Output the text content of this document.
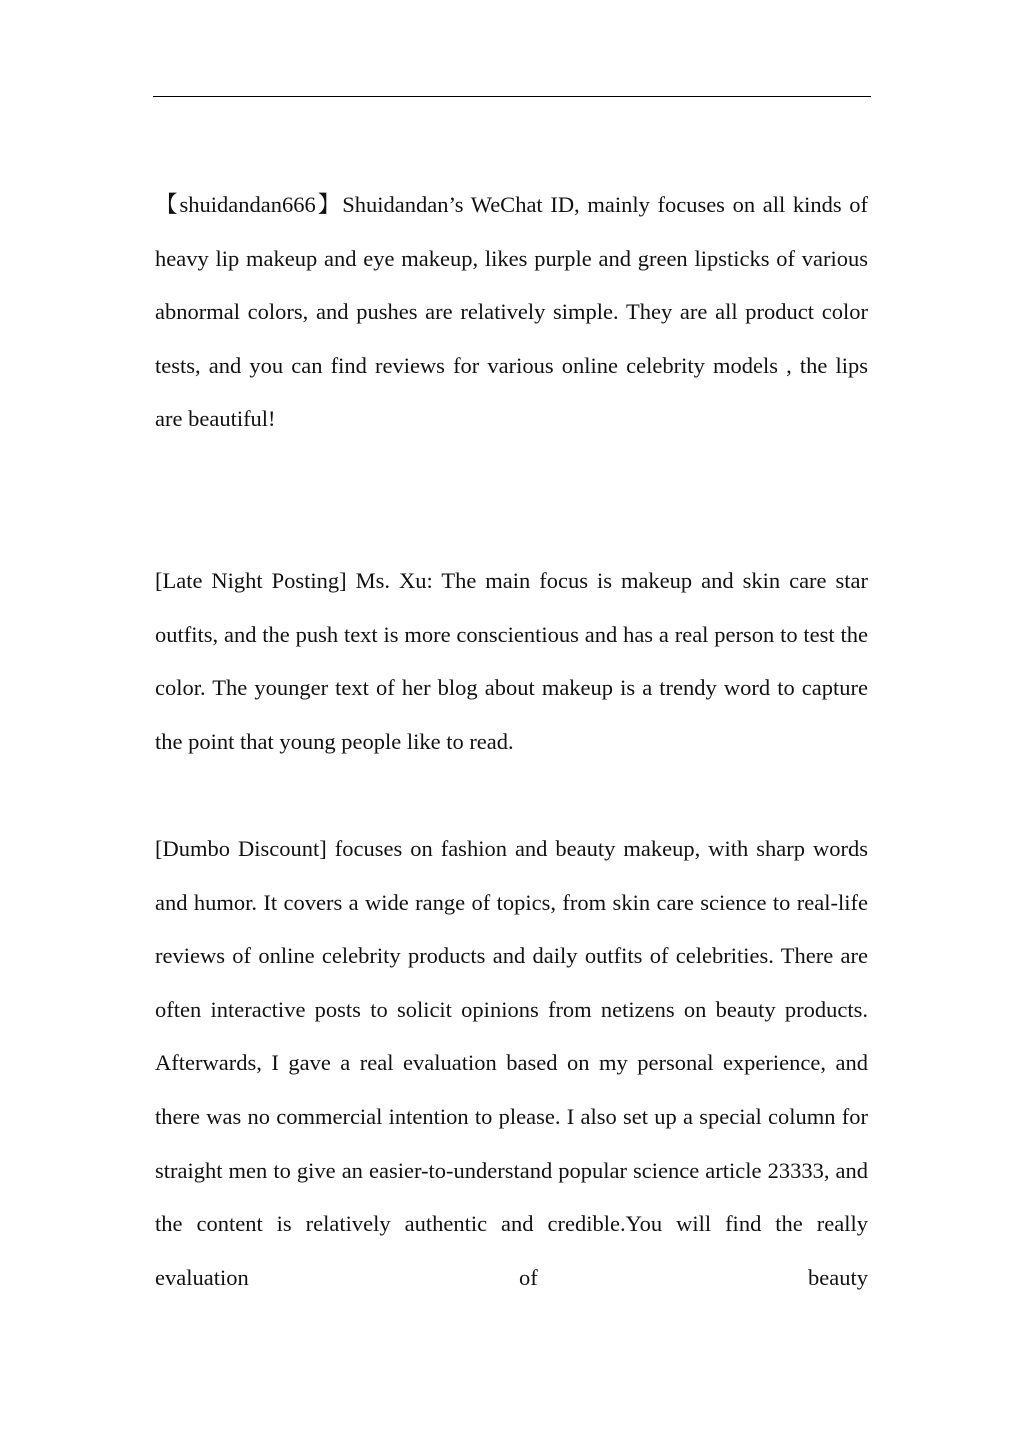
【shuidandan666】Shuidandan’s WeChat ID, mainly focuses on all kinds of heavy lip makeup and eye makeup, likes purple and green lipsticks of various abnormal colors, and pushes are relatively simple. They are all product color tests, and you can find reviews for various online celebrity models , the lips are beautiful!

[Late Night Posting] Ms. Xu: The main focus is makeup and skin care star outfits, and the push text is more conscientious and has a real person to test the color. The younger text of her blog about makeup is a trendy word to capture the point that young people like to read.

[Dumbo Discount] focuses on fashion and beauty makeup, with sharp words and humor. It covers a wide range of topics, from skin care science to real-life reviews of online celebrity products and daily outfits of celebrities. There are often interactive posts to solicit opinions from netizens on beauty products. Afterwards, I gave a real evaluation based on my personal experience, and there was no commercial intention to please. I also set up a special column for straight men to give an easier-to-understand popular science article 23333, and the content is relatively authentic and credible.You will find the really evaluation of beauty
